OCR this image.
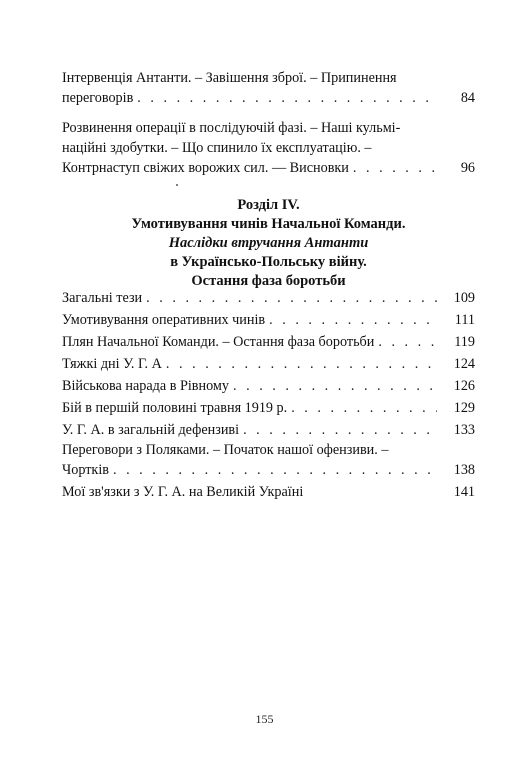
Інтервенція Антанти. – Завішення зброї. – Припинення
переговорів . . .	84
Розвинення операції в послідуючій фазі. – Наші кульмі-
наційні здобутки. – Що спинило їх експлуатацію. –
Контрнаступ свіжих ворожих сил. — Висновки . . .	96
Розділ IV.
Умотивування чинів Начальної Команди.
Наслідки втручання Антанти
в Українсько-Польську війну.
Остання фаза боротьби
Загальні тези . . .	109
Умотивування оперативних чинів . . .	111
Плян Начальної Команди. – Остання фаза боротьби . . .	119
Тяжкі дні У. Г. А . . .	124
Військова нарада в Рівному . . .	126
Бій в першій половині травня 1919 р. . . .	129
У. Г. А. в загальній дефензиві . . .	133
Переговори з Поляками. – Початок нашої офензиви. –
Чортків . . .	138
Мої зв'язки з У. Г. А. на Великій Україні	141
155
